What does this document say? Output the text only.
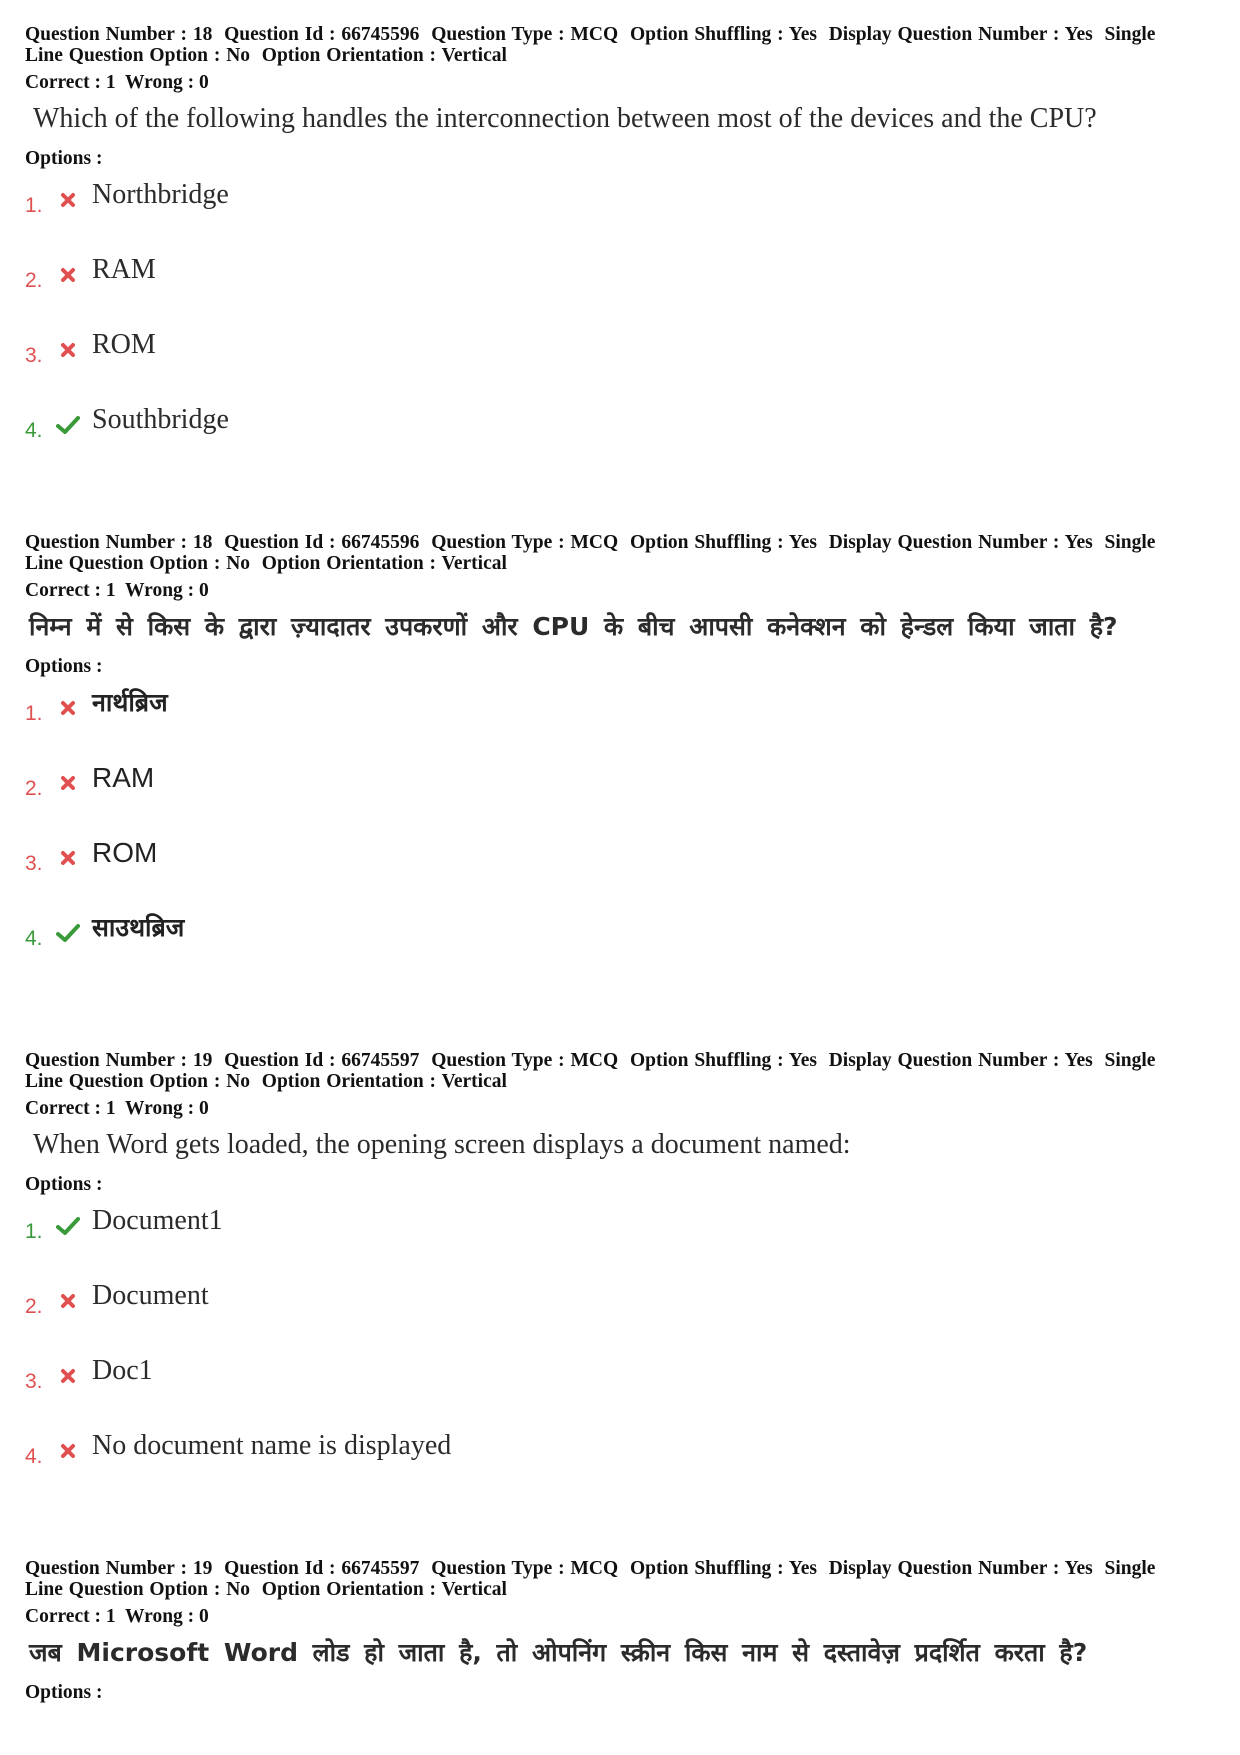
Question Number : 18 Question Id : 66745596 Question Type : MCQ Option Shuffling : Yes Display Question Number : Yes Single
Line Question Option : No Option Orientation : Vertical

Correct : 1 Wrong : 0
Which of the following handles the interconnection between most of the devices and the CPU?
Options :
1. Northbridge
2. RAM
3. ROM
4. Southbridge

Question Number : 18 Question Id : 66745596 Question Type : MCQ Option Shuffling : Yes Display Question Number : Yes Single
Line Question Option : No Option Orientation : Vertical

Correct : 1 Wrong : 0
निम्न में से किस के द्वारा ज़्यादातर उपकरणों और CPU के बीच आपसी कनेक्शन को हेन्डल किया जाता है?
Options :
1. नार्थब्रिज
2. RAM
3. ROM
4. साउथब्रिज

Question Number : 19 Question Id : 66745597 Question Type : MCQ Option Shuffling : Yes Display Question Number : Yes Single
Line Question Option : No Option Orientation : Vertical

Correct : 1 Wrong : 0
When Word gets loaded, the opening screen displays a document named:
Options :
1. Document1
2. Document
3. Doc1
4. No document name is displayed

Question Number : 19 Question Id : 66745597 Question Type : MCQ Option Shuffling : Yes Display Question Number : Yes Single
Line Question Option : No Option Orientation : Vertical

Correct : 1 Wrong : 0
जब Microsoft Word लोड हो जाता है, तो ओपनिंग स्क्रीन किस नाम से दस्तावेज़ प्रदर्शित करता है?
Options :
